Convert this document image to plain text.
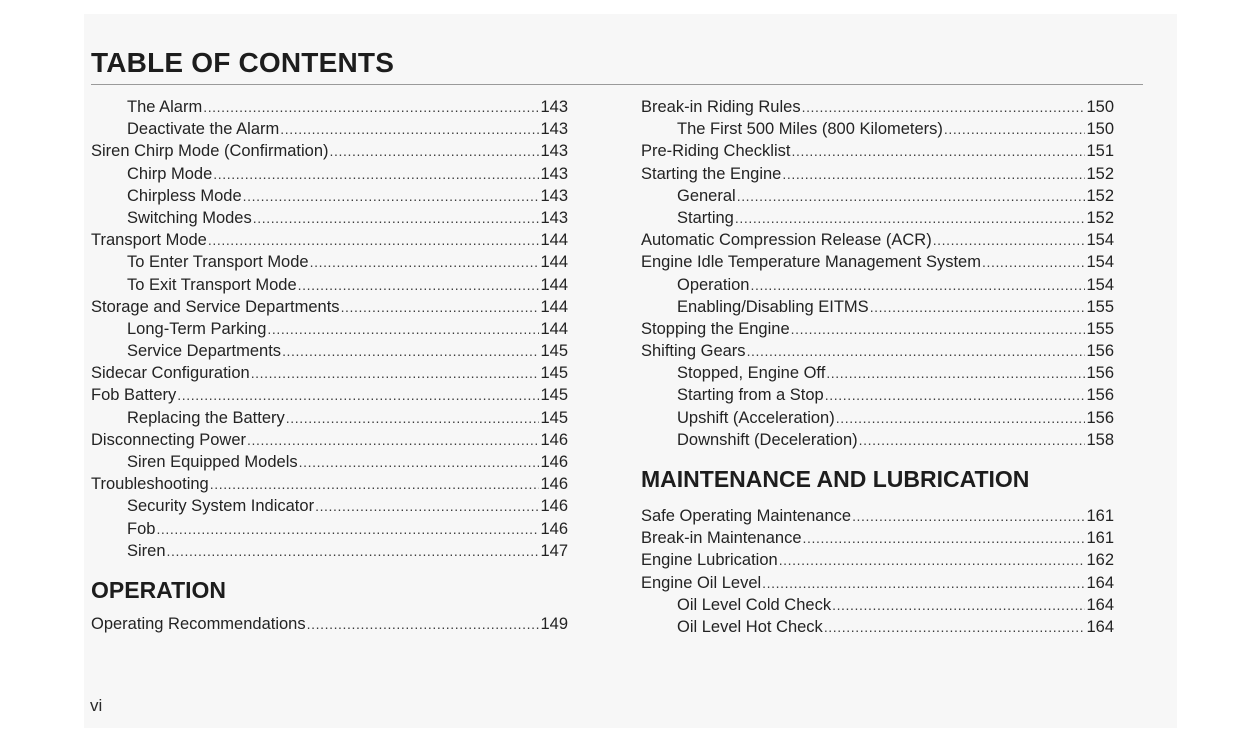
TABLE OF CONTENTS
The Alarm .....	143
Deactivate the Alarm .....	143
Siren Chirp Mode (Confirmation) .....	143
Chirp Mode .....	143
Chirpless Mode .....	143
Switching Modes .....	143
Transport Mode .....	144
To Enter Transport Mode .....	144
To Exit Transport Mode .....	144
Storage and Service Departments .....	144
Long-Term Parking .....	144
Service Departments .....	145
Sidecar Configuration .....	145
Fob Battery .....	145
Replacing the Battery .....	145
Disconnecting Power .....	146
Siren Equipped Models .....	146
Troubleshooting .....	146
Security System Indicator .....	146
Fob .....	146
Siren .....	147
OPERATION
Operating Recommendations .....	149
Break-in Riding Rules .....	150
The First 500 Miles (800 Kilometers) .....	150
Pre-Riding Checklist .....	151
Starting the Engine .....	152
General .....	152
Starting .....	152
Automatic Compression Release (ACR) .....	154
Engine Idle Temperature Management System .....	154
Operation .....	154
Enabling/Disabling EITMS .....	155
Stopping the Engine .....	155
Shifting Gears .....	156
Stopped, Engine Off .....	156
Starting from a Stop .....	156
Upshift (Acceleration) .....	156
Downshift (Deceleration) .....	158
MAINTENANCE AND LUBRICATION
Safe Operating Maintenance .....	161
Break-in Maintenance .....	161
Engine Lubrication .....	162
Engine Oil Level .....	164
Oil Level Cold Check .....	164
Oil Level Hot Check .....	164
vi
